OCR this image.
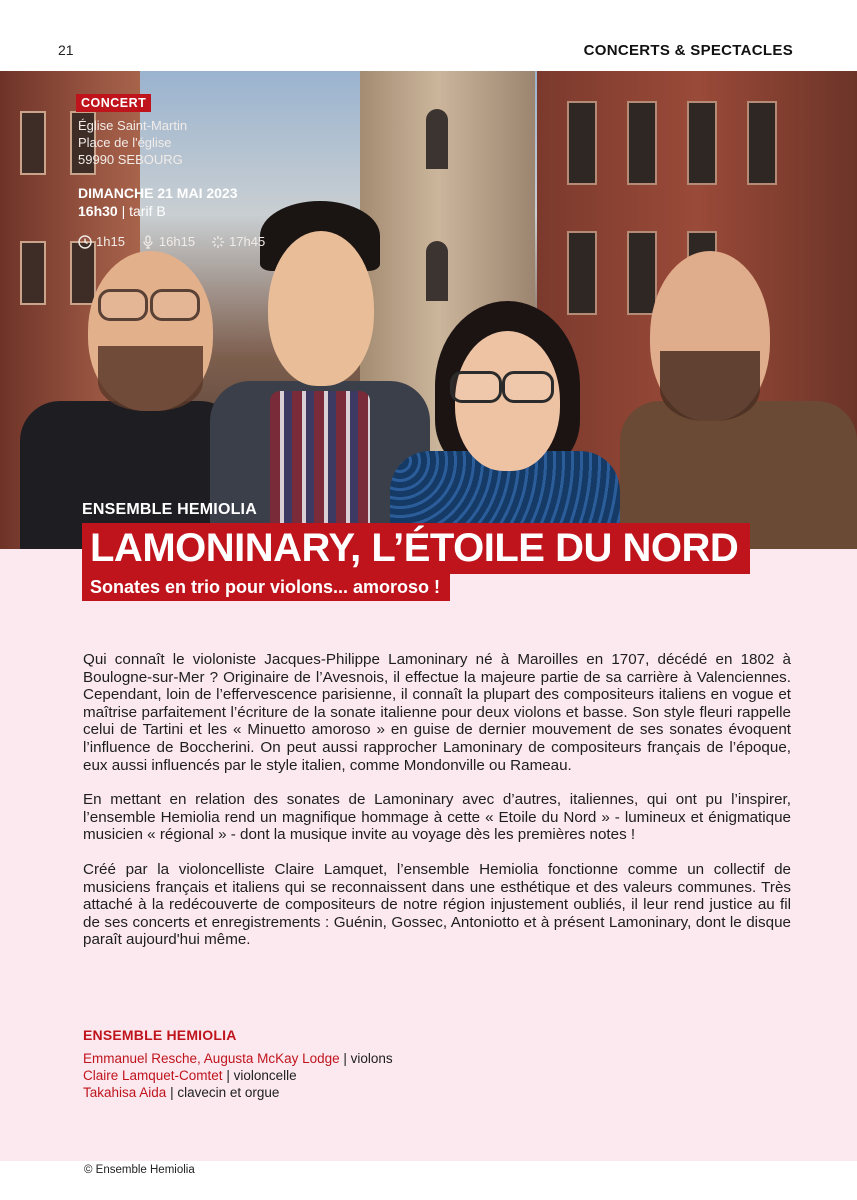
21	CONCERTS & SPECTACLES
CONCERT
Église Saint-Martin
Place de l'église
59990 SEBOURG
DIMANCHE 21 MAI 2023
16h30 | tarif B
1h15	16h15	17h45
ENSEMBLE HEMIOLIA
LAMONINARY, L’ÉTOILE DU NORD
Sonates en trio pour violons... amoroso !

Qui connaît le violoniste Jacques-Philippe Lamoninary né à Maroilles en 1707, décédé en 1802 à Boulogne-sur-Mer ? Originaire de l’Avesnois, il effectue la majeure partie de sa carrière à Valenciennes. Cependant, loin de l’effervescence parisienne, il connaît la plupart des compositeurs italiens en vogue et maîtrise parfaitement l’écriture de la sonate italienne pour deux violons et basse. Son style fleuri rappelle celui de Tartini et les « Minuetto amoroso » en guise de dernier mouvement de ses sonates évoquent l’influence de Boccherini. On peut aussi rapprocher Lamoninary de compositeurs français de l’époque, eux aussi influencés par le style italien, comme Mondonville ou Rameau.

En mettant en relation des sonates de Lamoninary avec d’autres, italiennes, qui ont pu l’inspirer, l’ensemble Hemiolia rend un magnifique hommage à cette « Etoile du Nord » - lumineux et énigmatique musicien « régional » - dont la musique invite au voyage dès les premières notes !

Créé par la violoncelliste Claire Lamquet, l’ensemble Hemiolia fonctionne comme un collectif de musiciens français et italiens qui se reconnaissent dans une esthétique et des valeurs communes. Très attaché à la redécouverte de compositeurs de notre région injustement oubliés, il leur rend justice au fil de ses concerts et enregistrements : Guénin, Gossec, Antoniotto et à présent Lamoninary, dont le disque paraît aujourd'hui même.

ENSEMBLE HEMIOLIA
Emmanuel Resche, Augusta McKay Lodge | violons
Claire Lamquet-Comtet | violoncelle
Takahisa Aida | clavecin et orgue
© Ensemble Hemiolia
